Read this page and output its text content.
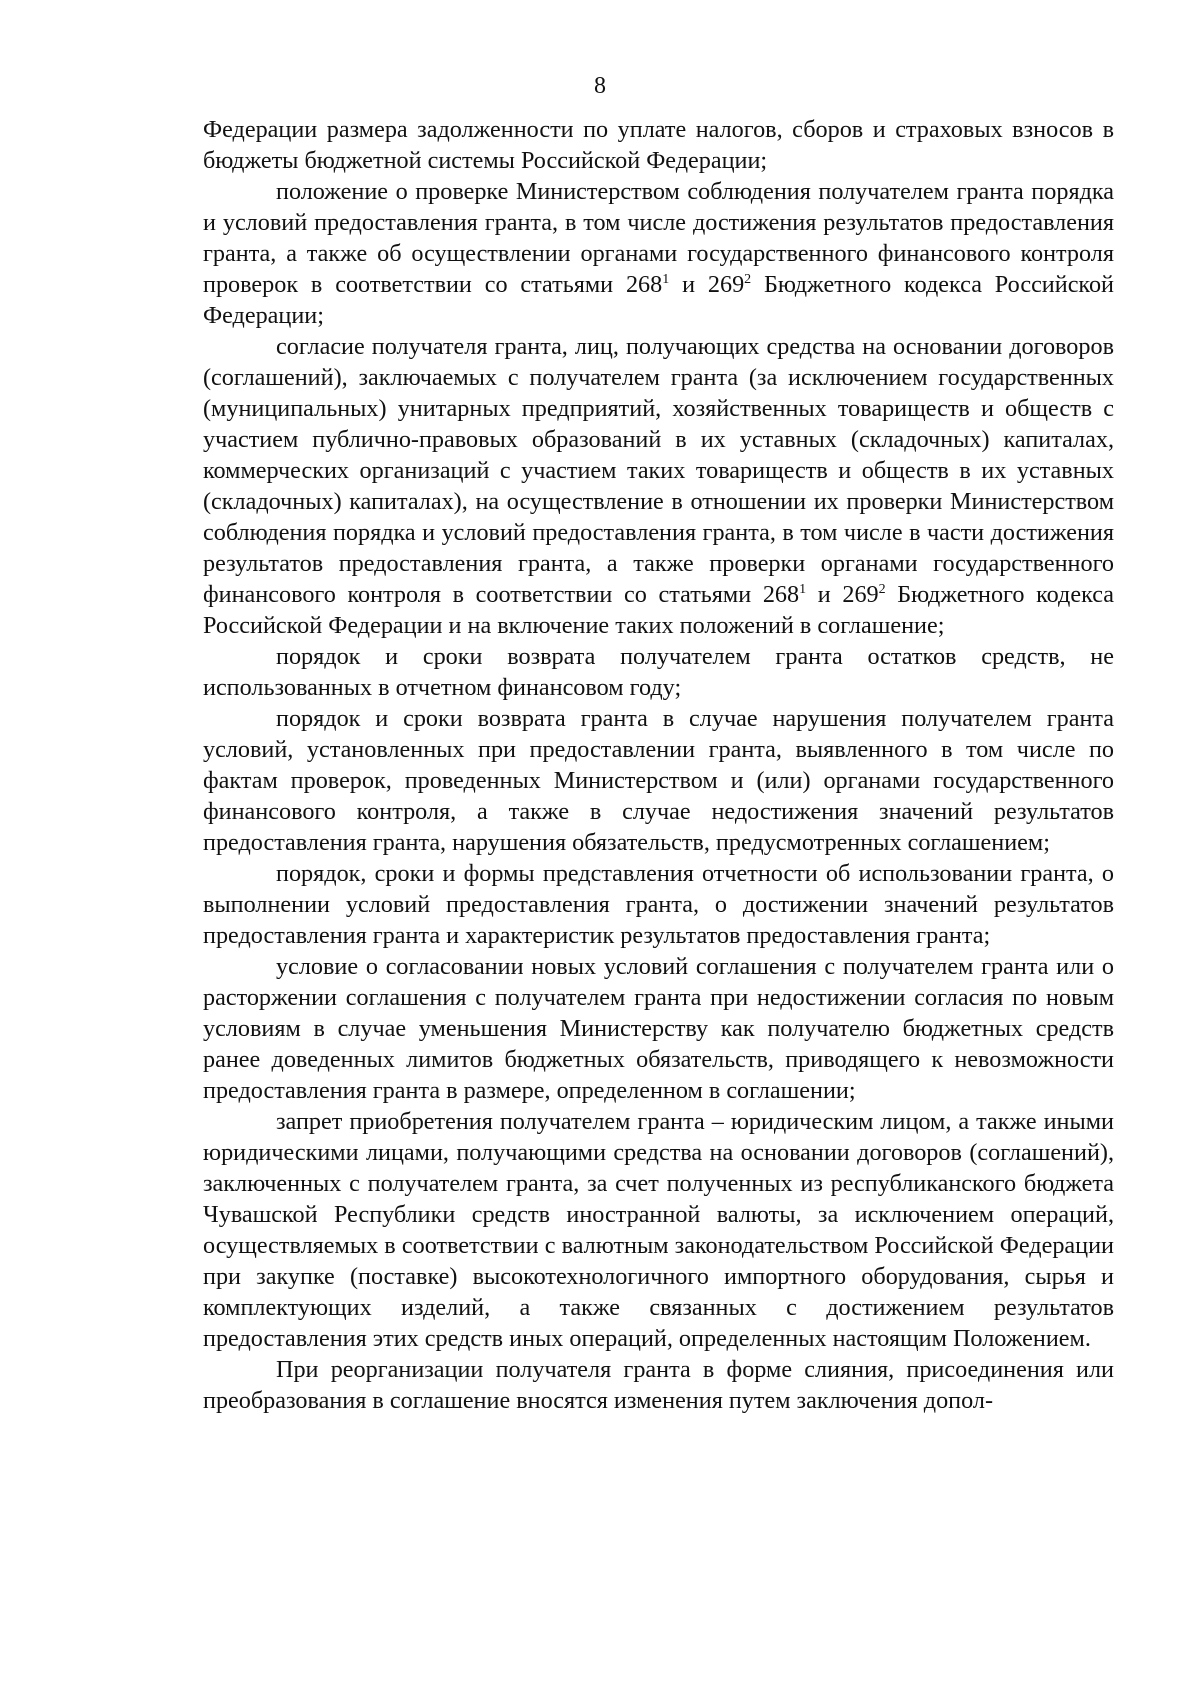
8

Федерации размера задолженности по уплате налогов, сборов и страховых взносов в бюджеты бюджетной системы Российской Федерации;

положение о проверке Министерством соблюдения получателем гранта порядка и условий предоставления гранта, в том числе достижения результатов предоставления гранта, а также об осуществлении органами государственного финансового контроля проверок в соответствии со статьями $268^1$ и $269^2$ Бюджетного кодекса Российской Федерации;

согласие получателя гранта, лиц, получающих средства на основании договоров (соглашений), заключаемых с получателем гранта (за исключением государственных (муниципальных) унитарных предприятий, хозяйственных товариществ и обществ с участием публично-правовых образований в их уставных (складочных) капиталах, коммерческих организаций с участием таких товариществ и обществ в их уставных (складочных) капиталах), на осуществление в отношении их проверки Министерством соблюдения порядка и условий предоставления гранта, в том числе в части достижения результатов предоставления гранта, а также проверки органами государственного финансового контроля в соответствии со статьями $268^1$ и $269^2$ Бюджетного кодекса Российской Федерации и на включение таких положений в соглашение;

порядок и сроки возврата получателем гранта остатков средств, не использованных в отчетном финансовом году;

порядок и сроки возврата гранта в случае нарушения получателем гранта условий, установленных при предоставлении гранта, выявленного в том числе по фактам проверок, проведенных Министерством и (или) органами государственного финансового контроля, а также в случае недостижения значений результатов предоставления гранта, нарушения обязательств, предусмотренных соглашением;

порядок, сроки и формы представления отчетности об использовании гранта, о выполнении условий предоставления гранта, о достижении значений результатов предоставления гранта и характеристик результатов предоставления гранта;

условие о согласовании новых условий соглашения с получателем гранта или о расторжении соглашения с получателем гранта при недостижении согласия по новым условиям в случае уменьшения Министерству как получателю бюджетных средств ранее доведенных лимитов бюджетных обязательств, приводящего к невозможности предоставления гранта в размере, определенном в соглашении;

запрет приобретения получателем гранта – юридическим лицом, а также иными юридическими лицами, получающими средства на основании договоров (соглашений), заключенных с получателем гранта, за счет полученных из республиканского бюджета Чувашской Республики средств иностранной валюты, за исключением операций, осуществляемых в соответствии с валютным законодательством Российской Федерации при закупке (поставке) высокотехнологичного импортного оборудования, сырья и комплектующих изделий, а также связанных с достижением результатов предоставления этих средств иных операций, определенных настоящим Положением.

При реорганизации получателя гранта в форме слияния, присоединения или преобразования в соглашение вносятся изменения путем заключения допол-
